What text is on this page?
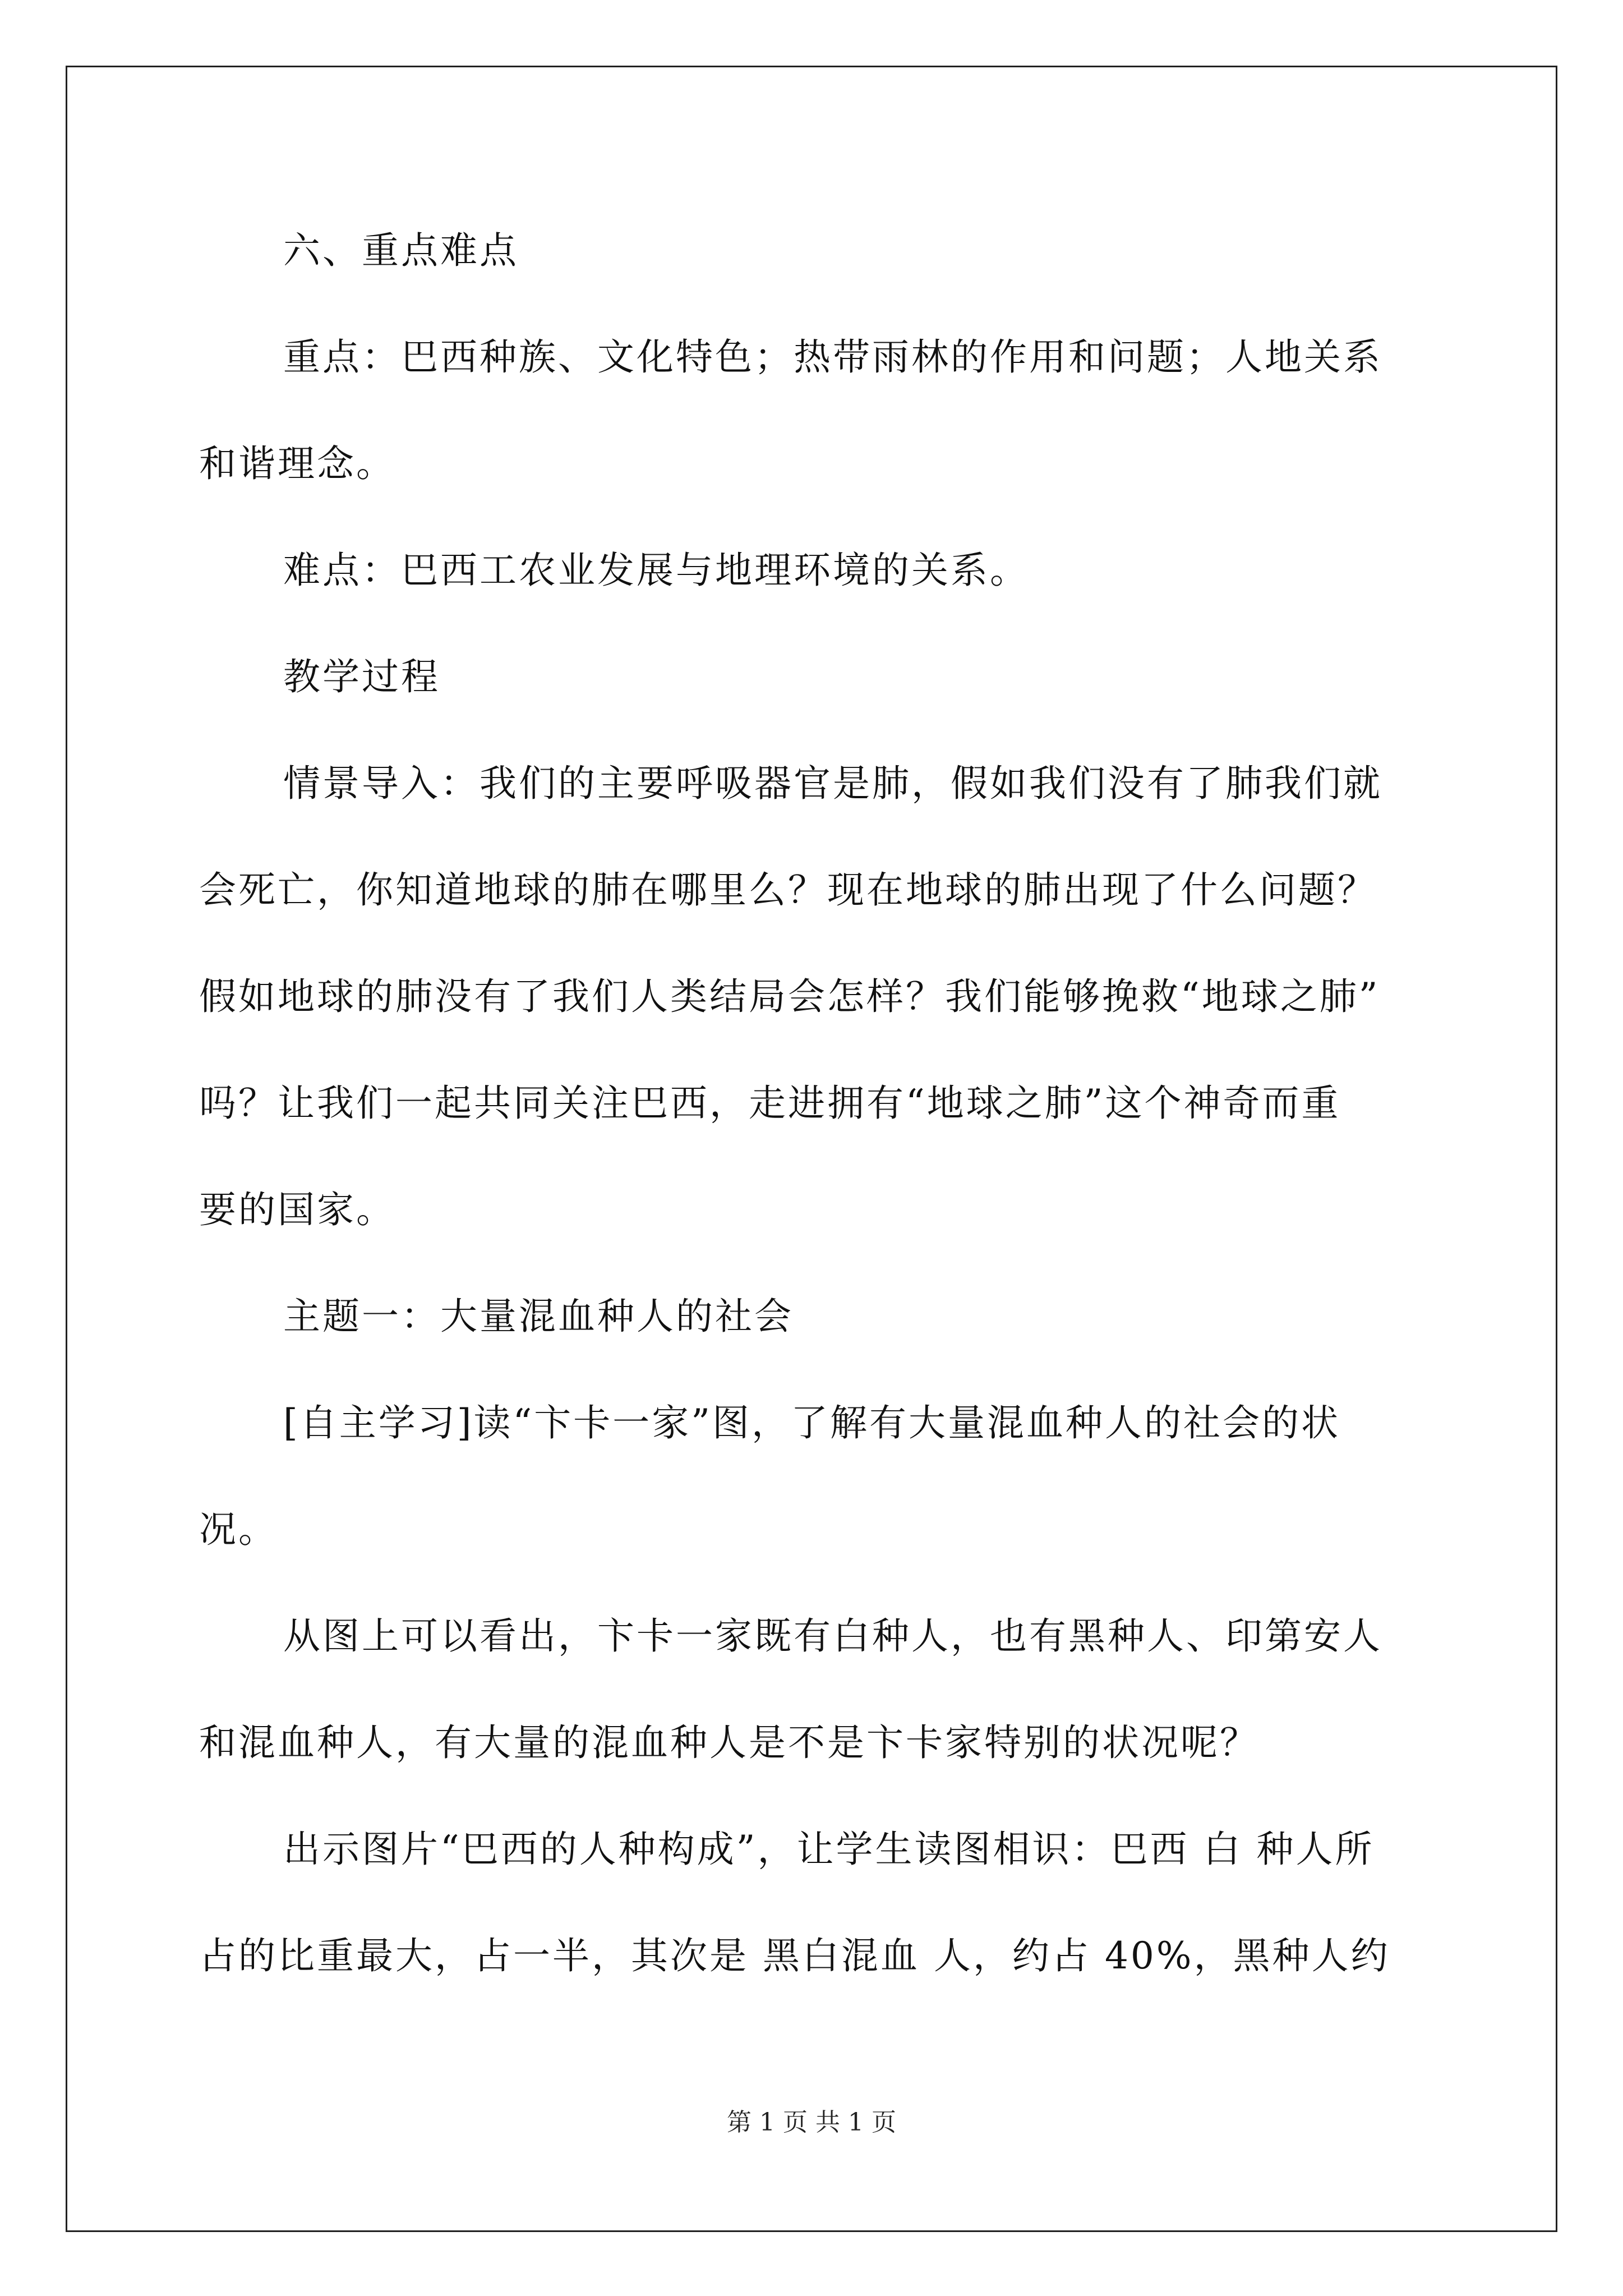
六、重点难点
重点：巴西种族、文化特色；热带雨林的作用和问题；人地关系
和谐理念。
难点：巴西工农业发展与地理环境的关系。
教学过程
情景导入：我们的主要呼吸器官是肺，假如我们没有了肺我们就
会死亡，你知道地球的肺在哪里么？现在地球的肺出现了什么问题？
假如地球的肺没有了我们人类结局会怎样？我们能够挽救“地球之肺”
吗？让我们一起共同关注巴西，走进拥有“地球之肺”这个神奇而重
要的国家。
主题一：大量混血种人的社会
[自主学习]读“卞卡一家”图，了解有大量混血种人的社会的状
况。
从图上可以看出，卞卡一家既有白种人，也有黑种人、印第安人
和混血种人，有大量的混血种人是不是卞卡家特别的状况呢？
出示图片“巴西的人种构成”，让学生读图相识：巴西 白 种人所
占的比重最大，占一半，其次是 黑白混血 人，约占 40%，黑种人约
第 1 页 共 1 页
